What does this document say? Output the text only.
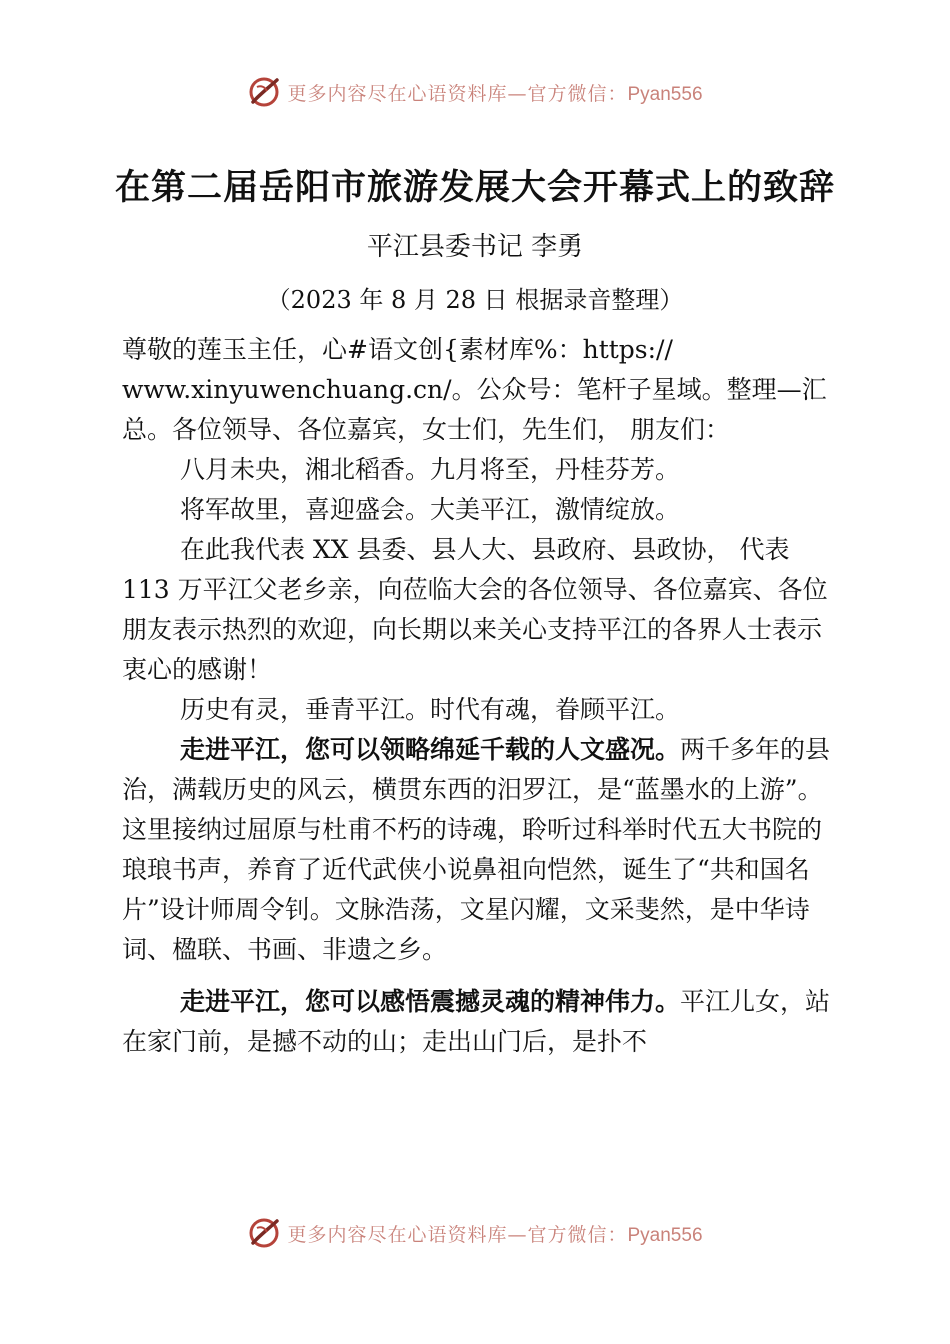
更多内容尽在心语资料库—官方微信：Pyan556
在第二届岳阳市旅游发展大会开幕式上的致辞
平江县委书记 李勇
（2023 年 8 月 28 日 根据录音整理）

尊敬的莲玉主任，心#语文创{素材库%：https:// www.xinyuwenchuang.cn/。公众号：笔杆子星域。整理—汇总。各位领导、各位嘉宾，女士们，先生们， 朋友们：

八月未央，湘北稻香。九月将至，丹桂芬芳。

将军故里，喜迎盛会。大美平江，激情绽放。

在此我代表 XX 县委、县人大、县政府、县政协， 代表 113 万平江父老乡亲，向莅临大会的各位领导、各位嘉宾、各位朋友表示热烈的欢迎，向长期以来关心支持平江的各界人士表示衷心的感谢！

历史有灵，垂青平江。时代有魂，眷顾平江。

走进平江，您可以领略绵延千载的人文盛况。两千多年的县治，满载历史的风云，横贯东西的汨罗江，是“蓝墨水的上游”。这里接纳过屈原与杜甫不朽的诗魂，聆听过科举时代五大书院的琅琅书声，养育了近代武侠小说鼻祖向恺然，诞生了“共和国名片”设计师周令钊。文脉浩荡，文星闪耀，文采斐然，是中华诗词、楹联、书画、非遗之乡。

走进平江，您可以感悟震撼灵魂的精神伟力。平江儿女，站在家门前，是撼不动的山；走出山门后，是扑不

更多内容尽在心语资料库—官方微信：Pyan556
